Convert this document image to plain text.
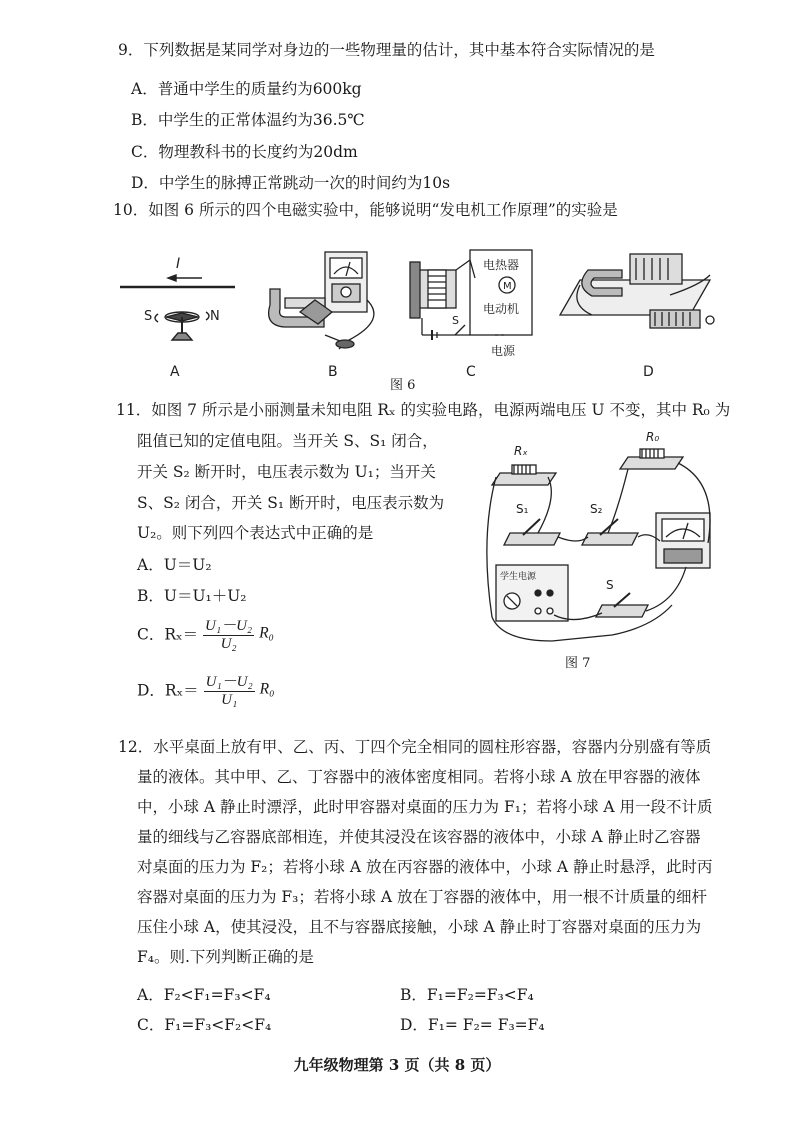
9．下列数据是某同学对身边的一些物理量的估计，其中基本符合实际情况的是
A．普通中学生的质量约为600kg
B．中学生的正常体温约为36.5℃
C．物理教科书的长度约为20dm
D．中学生的脉搏正常跳动一次的时间约为10s
10．如图 6 所示的四个电磁实验中，能够说明“发电机工作原理”的实验是
I
S	N
电热器
M
电动机
S
电源
A	B	C	D
图 6
11．如图 7 所示是小丽测量未知电阻 Rₓ 的实验电路，电源两端电压 U 不变，其中 R₀ 为
阻值已知的定值电阻。当开关 S、S₁ 闭合，
开关 S₂ 断开时，电压表示数为 U₁；当开关
S、S₂ 闭合，开关 S₁ 断开时，电压表示数为
U₂。则下列四个表达式中正确的是
A．U＝U₂
B．U＝U₁＋U₂
C．$R_x= \frac{\text{U₁－U₂}}{\text{U₂}} R_0$
D．$R_x= \frac{\text{U₁－U₂}}{\text{U₁}} R_0$
Rₓ
R₀
S₁	S₂
学生电源
S
图 7
12．水平桌面上放有甲、乙、丙、丁四个完全相同的圆柱形容器，容器内分别盛有等质
量的液体。其中甲、乙、丁容器中的液体密度相同。若将小球 A 放在甲容器的液体
中，小球 A 静止时漂浮，此时甲容器对桌面的压力为 F₁；若将小球 A 用一段不计质
量的细线与乙容器底部相连，并使其浸没在该容器的液体中，小球 A 静止时乙容器
对桌面的压力为 F₂；若将小球 A 放在丙容器的液体中，小球 A 静止时悬浮，此时丙
容器对桌面的压力为 F₃；若将小球 A 放在丁容器的液体中，用一根不计质量的细杆
压住小球 A，使其浸没，且不与容器底接触，小球 A 静止时丁容器对桌面的压力为
F₄。则.下列判断正确的是
A．F₂<F₁=F₃<F₄	B．F₁=F₂=F₃<F₄
C．F₁=F₃<F₂<F₄	D．F₁= F₂= F₃=F₄
九年级物理第 3 页（共 8 页）
